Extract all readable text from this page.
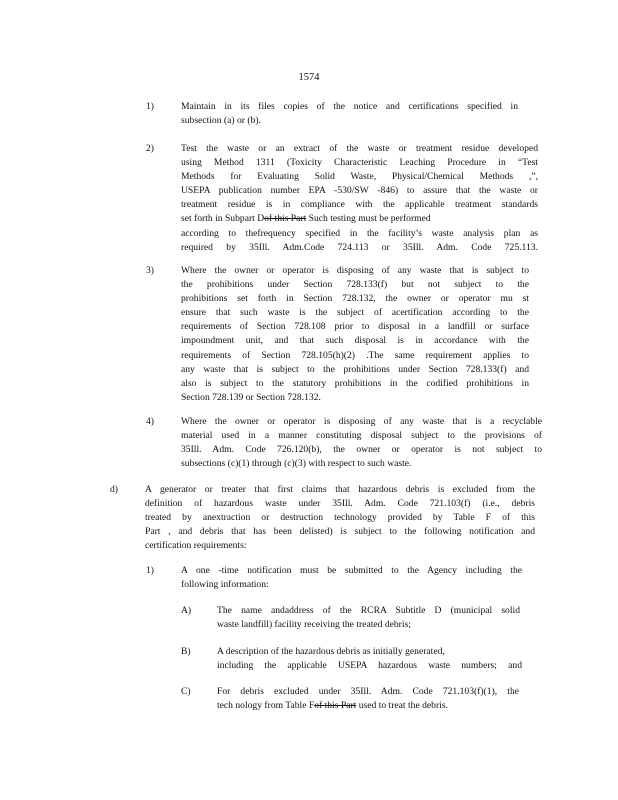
1574
1)	Maintain in its files copies of the notice and certifications specified in
subsection (a) or (b).
2)	Test the waste or an extract of the waste or treatment residue developed
using Method 1311 (Toxicity Characteristic Leaching Procedure in “Test
Methods for Evaluating Solid Waste, Physical/Chemical Methods ,”,
USEPA publication number EPA -530/SW -846) to assure that the waste or
treatment residue is in compliance with the applicable treatment standards
set forth in Subpart Dof this Part Such testing must be performed
according to thefrequency specified in the facility’s waste analysis plan as
required by 35Ill. Adm.Code 724.113 or 35Ill. Adm. Code 725.113.
3)	Where the owner or operator is disposing of any waste that is subject to
the prohibitions under Section 728.133(f) but not subject to the
prohibitions set forth in Section 728.132, the owner or operator mu st
ensure that such waste is the subject of acertification according to the
requirements of Section 728.108 prior to disposal in a landfill or surface
impoundment unit, and that such disposal is in accordance with the
requirements of Section 728.105(h)(2) .The same requirement applies to
any waste that is subject to the prohibitions under Section 728.133(f) and
also is subject to the statutory prohibitions in the codified prohibitions in
Section 728.139 or Section 728.132.
4)	Where the owner or operator is disposing of any waste that is a recyclable
material used in a manner constituting disposal subject to the provisions of
35Ill. Adm. Code 726.120(b), the owner or operator is not subject to
subsections (c)(1) through (c)(3) with respect to such waste.
d)	A generator or treater that first claims that hazardous debris is excluded from the
definition of hazardous waste under 35Ill. Adm. Code 721.103(f) (i.e., debris
treated by anextraction or destruction technology provided by Table F of this
Part , and debris that has been delisted) is subject to the following notification and
certification requirements:
1)	A one -time notification must be submitted to the Agency including the
following information:
A)	The name andaddress of the RCRA Subtitle D (municipal solid
waste landfill) facility receiving the treated debris;
B)	A description of the hazardous debris as initially generated,
including the applicable USEPA hazardous waste numbers; and
C)	For debris excluded under 35Ill. Adm. Code 721.103(f)(1), the
tech nology from Table Fof this Part used to treat the debris.
